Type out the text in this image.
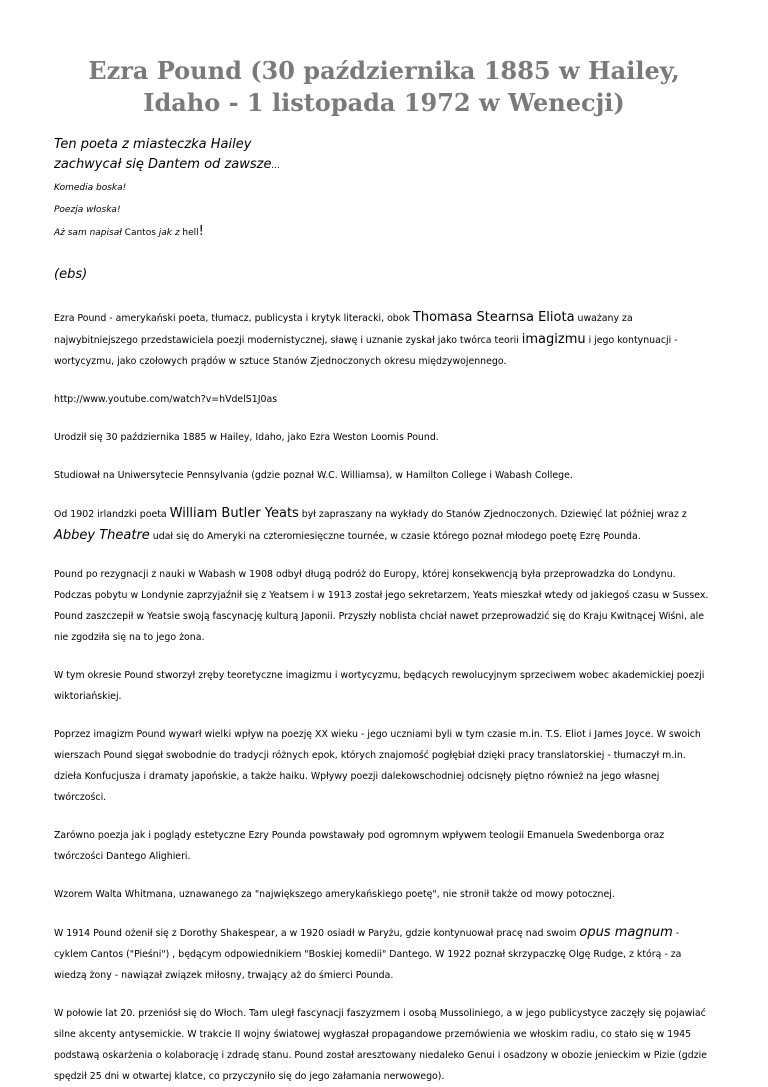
Ezra Pound (30 października 1885 w Hailey, Idaho - 1 listopada 1972 w Wenecji)
Ten poeta z miasteczka Hailey
zachwycał się Dantem od zawsze...
Komedia boska!
Poezja włoska!
Aż sam napisał Cantos jak z hell!
(ebs)

Ezra Pound - amerykański poeta, tłumacz, publicysta i krytyk literacki, obok Thomasa Stearnsa Eliota uważany za najwybitniejszego przedstawiciela poezji modernistycznej, sławę i uznanie zyskał jako twórca teorii imagizmu i jego kontynuacji - wortycyzmu, jako czołowych prądów w sztuce Stanów Zjednoczonych okresu międzywojennego.

http://www.youtube.com/watch?v=hVdelS1J0as

Urodził się 30 października 1885 w Hailey, Idaho, jako Ezra Weston Loomis Pound.

Studiował na Uniwersytecie Pennsylvania (gdzie poznał W.C. Williamsa), w Hamilton College i Wabash College.

Od 1902 irlandzki poeta William Butler Yeats był zapraszany na wykłady do Stanów Zjednoczonych. Dziewięć lat później wraz z Abbey Theatre udał się do Ameryki na czteromiesięczne tournée, w czasie którego poznał młodego poetę Ezrę Pounda.

Pound po rezygnacji z nauki w Wabash w 1908 odbył długą podróż do Europy, której konsekwencją była przeprowadzka do Londynu. Podczas pobytu w Londynie zaprzyjaźnił się z Yeatsem i w 1913 został jego sekretarzem, Yeats mieszkał wtedy od jakiegoś czasu w Sussex. Pound zaszczepił w Yeatsie swoją fascynację kulturą Japonii. Przyszły noblista chciał nawet przeprowadzić się do Kraju Kwitnącej Wiśni, ale nie zgodziła się na to jego żona.

W tym okresie Pound stworzył zręby teoretyczne imagizmu i wortycyzmu, będących rewolucyjnym sprzeciwem wobec akademickiej poezji wiktoriańskiej.

Poprzez imagizm Pound wywarł wielki wpływ na poezję XX wieku - jego uczniami byli w tym czasie m.in. T.S. Eliot i James Joyce. W swoich wierszach Pound sięgał swobodnie do tradycji różnych epok, których znajomość pogłębiał dzięki pracy translatorskiej - tłumaczył m.in. dzieła Konfucjusza i dramaty japońskie, a także haiku. Wpływy poezji dalekowschodniej odcisnęły piętno również na jego własnej twórczości.

Zarówno poezja jak i poglądy estetyczne Ezry Pounda powstawały pod ogromnym wpływem teologii Emanuela Swedenborga oraz twórczości Dantego Alighieri.

Wzorem Walta Whitmana, uznawanego za "największego amerykańskiego poetę", nie stronił także od mowy potocznej.

W 1914 Pound ożenił się z Dorothy Shakespear, a w 1920 osiadł w Paryżu, gdzie kontynuował pracę nad swoim opus magnum - cyklem Cantos ("Pieśni") , będącym odpowiednikiem "Boskiej komedii" Dantego. W 1922 poznał skrzypaczkę Olgę Rudge, z którą - za wiedzą żony - nawiązał związek miłosny, trwający aż do śmierci Pounda.

W połowie lat 20. przeniósł się do Włoch. Tam uległ fascynacji faszyzmem i osobą Mussoliniego, a w jego publicystyce zaczęły się pojawiać silne akcenty antysemickie. W trakcie II wojny światowej wygłaszał propagandowe przemówienia we włoskim radiu, co stało się w 1945 podstawą oskarżenia o kolaborację i zdradę stanu. Pound został aresztowany niedaleko Genui i osadzony w obozie jenieckim w Pizie (gdzie spędził 25 dni w otwartej klatce, co przyczyniło się do jego załamania nerwowego).
